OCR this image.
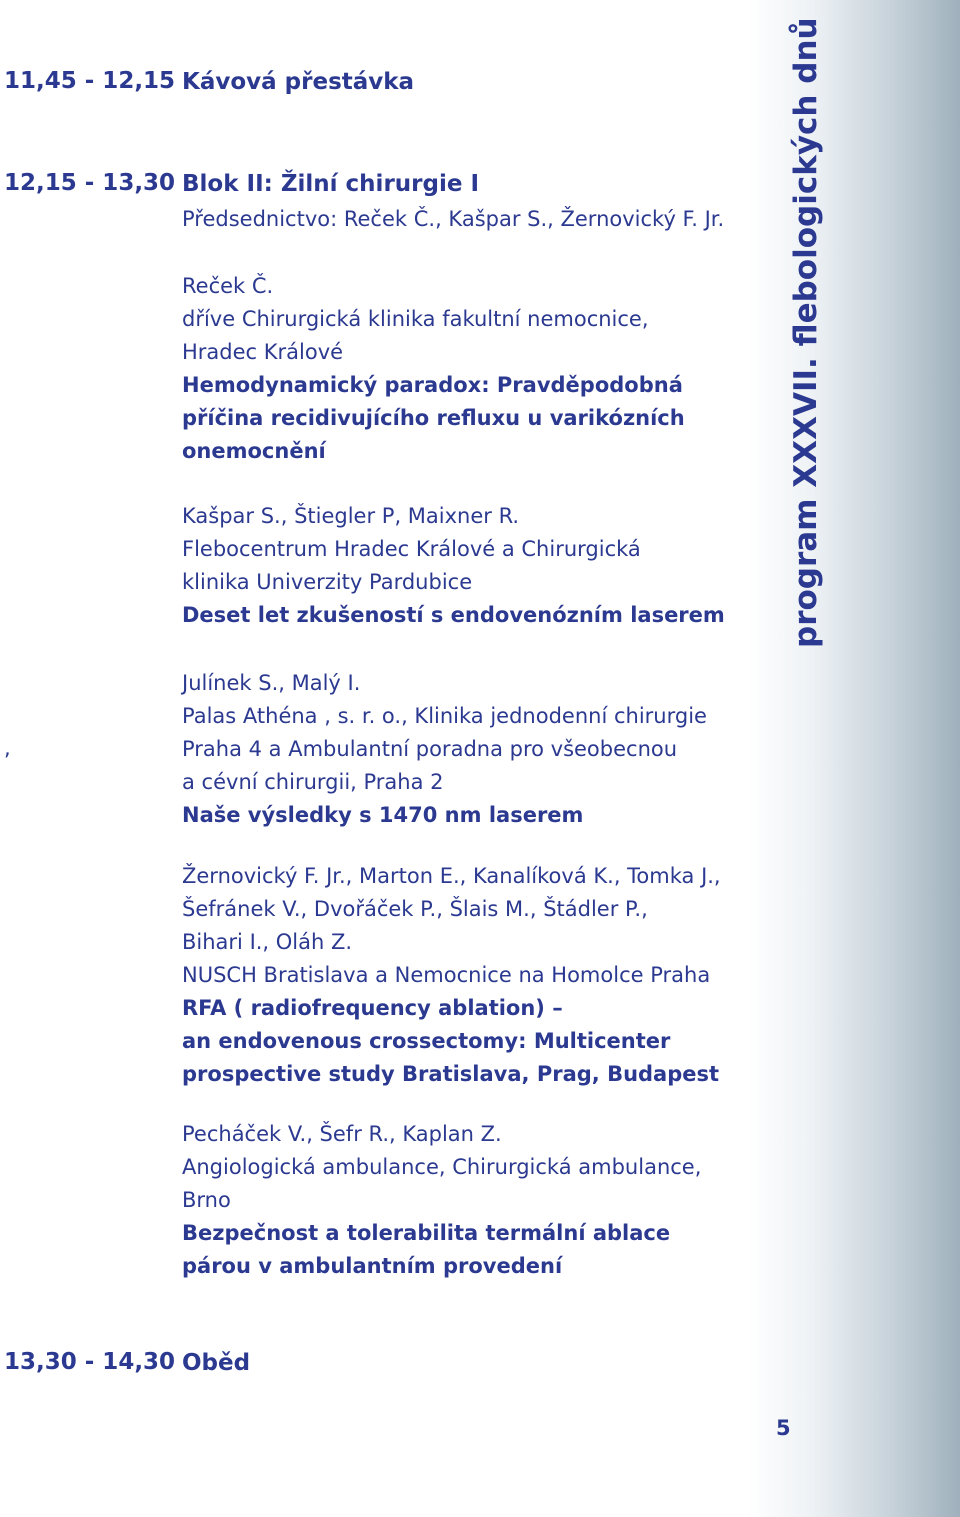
program XXXVII. flebologických dnů
11,45 - 12,15 Kávová přestávka
12,15 - 13,30 Blok II: Žilní chirurgie I
Předsednictvo: Reček Č., Kašpar S., Žernovický F. Jr.
Reček Č.
dříve Chirurgická klinika fakultní nemocnice,
Hradec Králové
Hemodynamický paradox: Pravděpodobná
příčina recidivujícího refluxu u varikózních
onemocnění
Kašpar S., Štiegler P, Maixner R.
Flebocentrum Hradec Králové a Chirurgická
klinika Univerzity Pardubice
Deset let zkušeností s endovenózním laserem
Julínek S., Malý I.
Palas Athéna , s. r. o., Klinika jednodenní chirurgie
,	Praha 4 a Ambulantní poradna pro všeobecnou
a cévní chirurgii, Praha 2
Naše výsledky s 1470 nm laserem
Žernovický F. Jr., Marton E., Kanalíková K., Tomka J.,
Šefránek V., Dvořáček P., Šlais M., Štádler P.,
Bihari I., Oláh Z.
NUSCH Bratislava a Nemocnice na Homolce Praha
RFA ( radiofrequency ablation) –
an endovenous crossectomy: Multicenter
prospective study Bratislava, Prag, Budapest
Pecháček V., Šefr R., Kaplan Z.
Angiologická ambulance, Chirurgická ambulance,
Brno
Bezpečnost a tolerabilita termální ablace
párou v ambulantním provedení
13,30 - 14,30 Oběd
5
